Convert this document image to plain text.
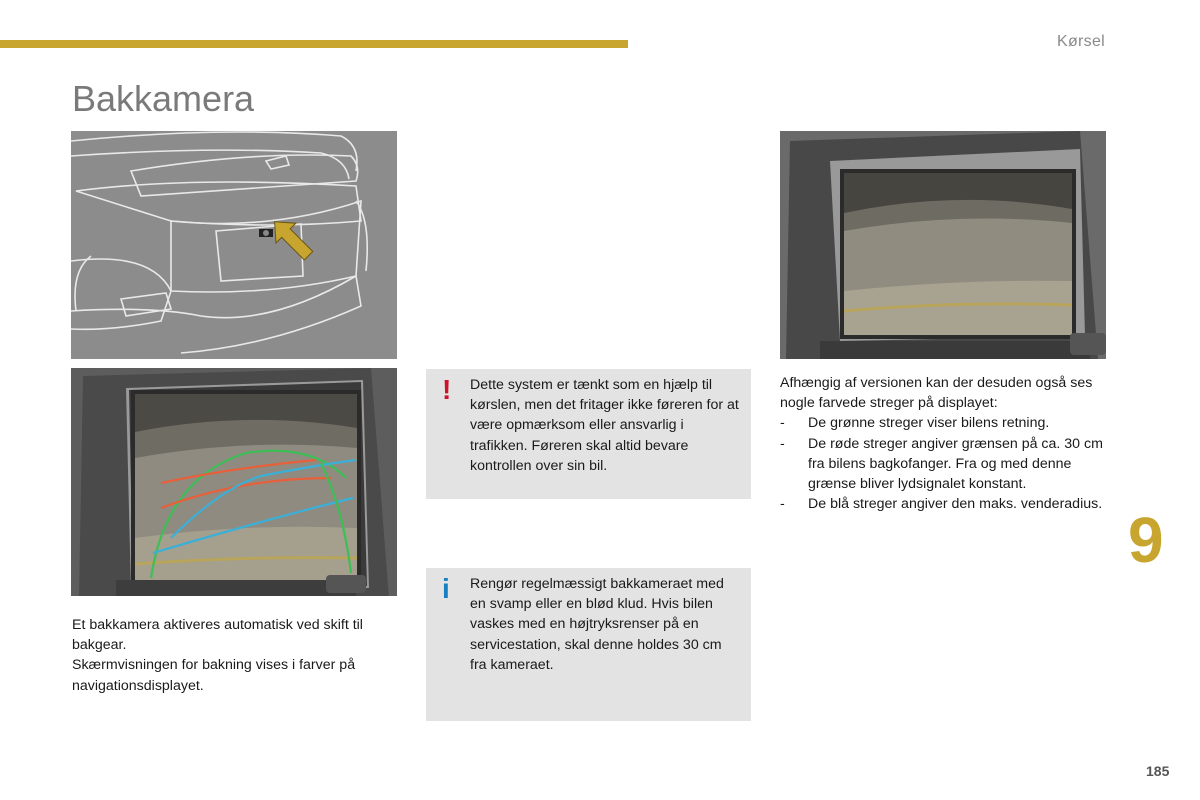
Kørsel
Bakkamera

Et bakkamera aktiveres automatisk ved skift til bakgear.

Skærmvisningen for bakning vises i farver på navigationsdisplayet.

! Dette system er tænkt som en hjælp til kørslen, men det fritager ikke føreren for at være opmærksom eller ansvarlig i trafikken. Føreren skal altid bevare kontrollen over sin bil.
i Rengør regelmæssigt bakkameraet med en svamp eller en blød klud. Hvis bilen vaskes med en højtryksrenser på en servicestation, skal denne holdes 30 cm fra kameraet.

Afhængig af versionen kan der desuden også ses nogle farvede streger på displayet:

- De grønne streger viser bilens retning.
- De røde streger angiver grænsen på ca. 30 cm fra bilens bagkofanger. Fra og med denne grænse bliver lydsignalet konstant.
- De blå streger angiver den maks. venderadius. 9
185
